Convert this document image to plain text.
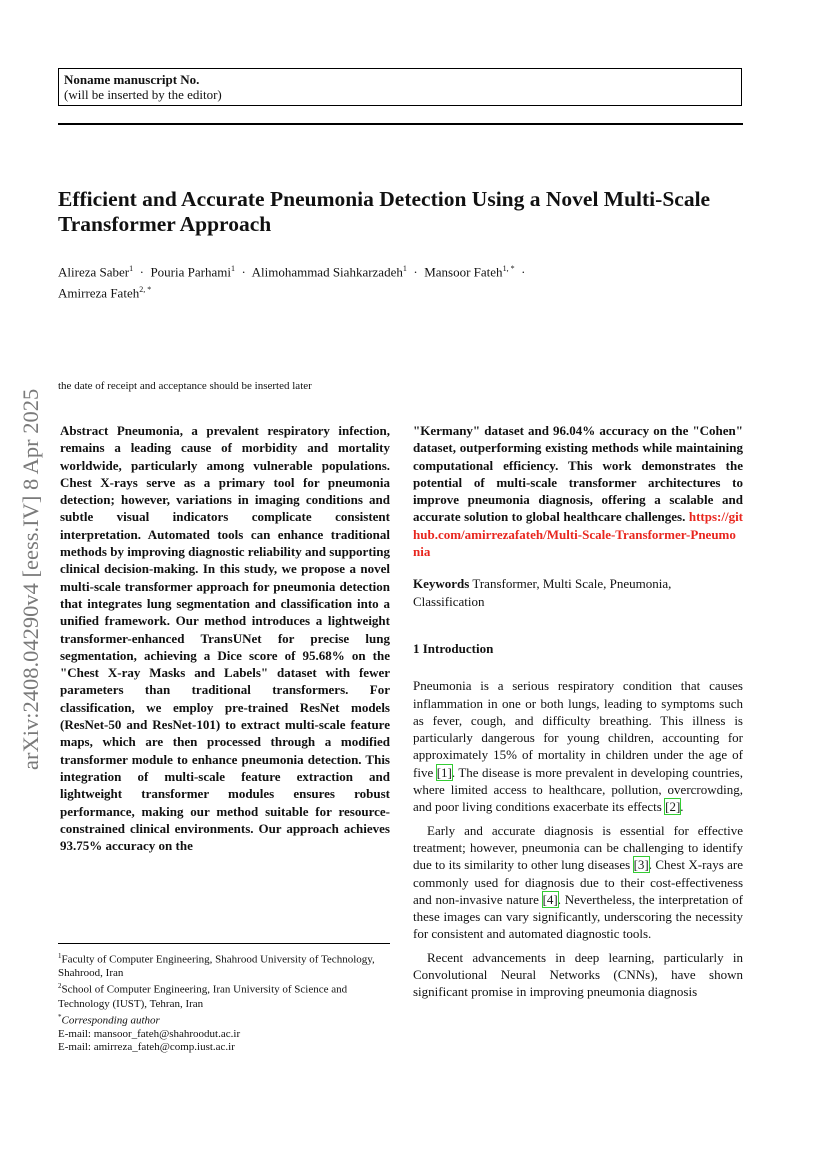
Noname manuscript No.
(will be inserted by the editor)
Efficient and Accurate Pneumonia Detection Using a Novel Multi-Scale Transformer Approach
Alireza Saber$^1$  ·  Pouria Parhami$^1$  ·  Alimohammad Siahkarzadeh$^1$  ·  Mansoor Fateh$^{1, *}$  ·  Amirreza Fateh$^{2, *}$
arXiv:2408.04290v4 [eess.IV] 8 Apr 2025
the date of receipt and acceptance should be inserted later
Abstract Pneumonia, a prevalent respiratory infection, remains a leading cause of morbidity and mortality worldwide, particularly among vulnerable populations. Chest X-rays serve as a primary tool for pneumonia detection; however, variations in imaging conditions and subtle visual indicators complicate consistent interpretation. Automated tools can enhance traditional methods by improving diagnostic reliability and supporting clinical decision-making. In this study, we propose a novel multi-scale transformer approach for pneumonia detection that integrates lung segmentation and classification into a unified framework. Our method introduces a lightweight transformer-enhanced TransUNet for precise lung segmentation, achieving a Dice score of 95.68% on the "Chest X-ray Masks and Labels" dataset with fewer parameters than traditional transformers. For classification, we employ pre-trained ResNet models (ResNet-50 and ResNet-101) to extract multi-scale feature maps, which are then processed through a modified transformer module to enhance pneumonia detection. This integration of multi-scale feature extraction and lightweight transformer modules ensures robust performance, making our method suitable for resource-constrained clinical environments. Our approach achieves 93.75% accuracy on the
"Kermany" dataset and 96.04% accuracy on the "Cohen" dataset, outperforming existing methods while maintaining computational efficiency. This work demonstrates the potential of multi-scale transformer architectures to improve pneumonia diagnosis, offering a scalable and accurate solution to global healthcare challenges. https://github.com/amirrezafateh/Multi-Scale-Transformer-Pneumonia
Keywords Transformer, Multi Scale, Pneumonia, Classification
1 Introduction

Pneumonia is a serious respiratory condition that causes inflammation in one or both lungs, leading to symptoms such as fever, cough, and difficulty breathing. This illness is particularly dangerous for young children, accounting for approximately 15% of mortality in children under the age of five [1]. The disease is more prevalent in developing countries, where limited access to healthcare, pollution, overcrowding, and poor living conditions exacerbate its effects [2].

Early and accurate diagnosis is essential for effective treatment; however, pneumonia can be challenging to identify due to its similarity to other lung diseases [3]. Chest X-rays are commonly used for diagnosis due to their cost-effectiveness and non-invasive nature [4]. Nevertheless, the interpretation of these images can vary significantly, underscoring the necessity for consistent and automated diagnostic tools.

Recent advancements in deep learning, particularly in Convolutional Neural Networks (CNNs), have shown significant promise in improving pneumonia diagnosis

$^1$Faculty of Computer Engineering, Shahrood University of Technology, Shahrood, Iran
$^2$School of Computer Engineering, Iran University of Science and Technology (IUST), Tehran, Iran
*Corresponding author
E-mail: mansoor_fateh@shahroodut.ac.ir
E-mail: amirreza_fateh@comp.iust.ac.ir
